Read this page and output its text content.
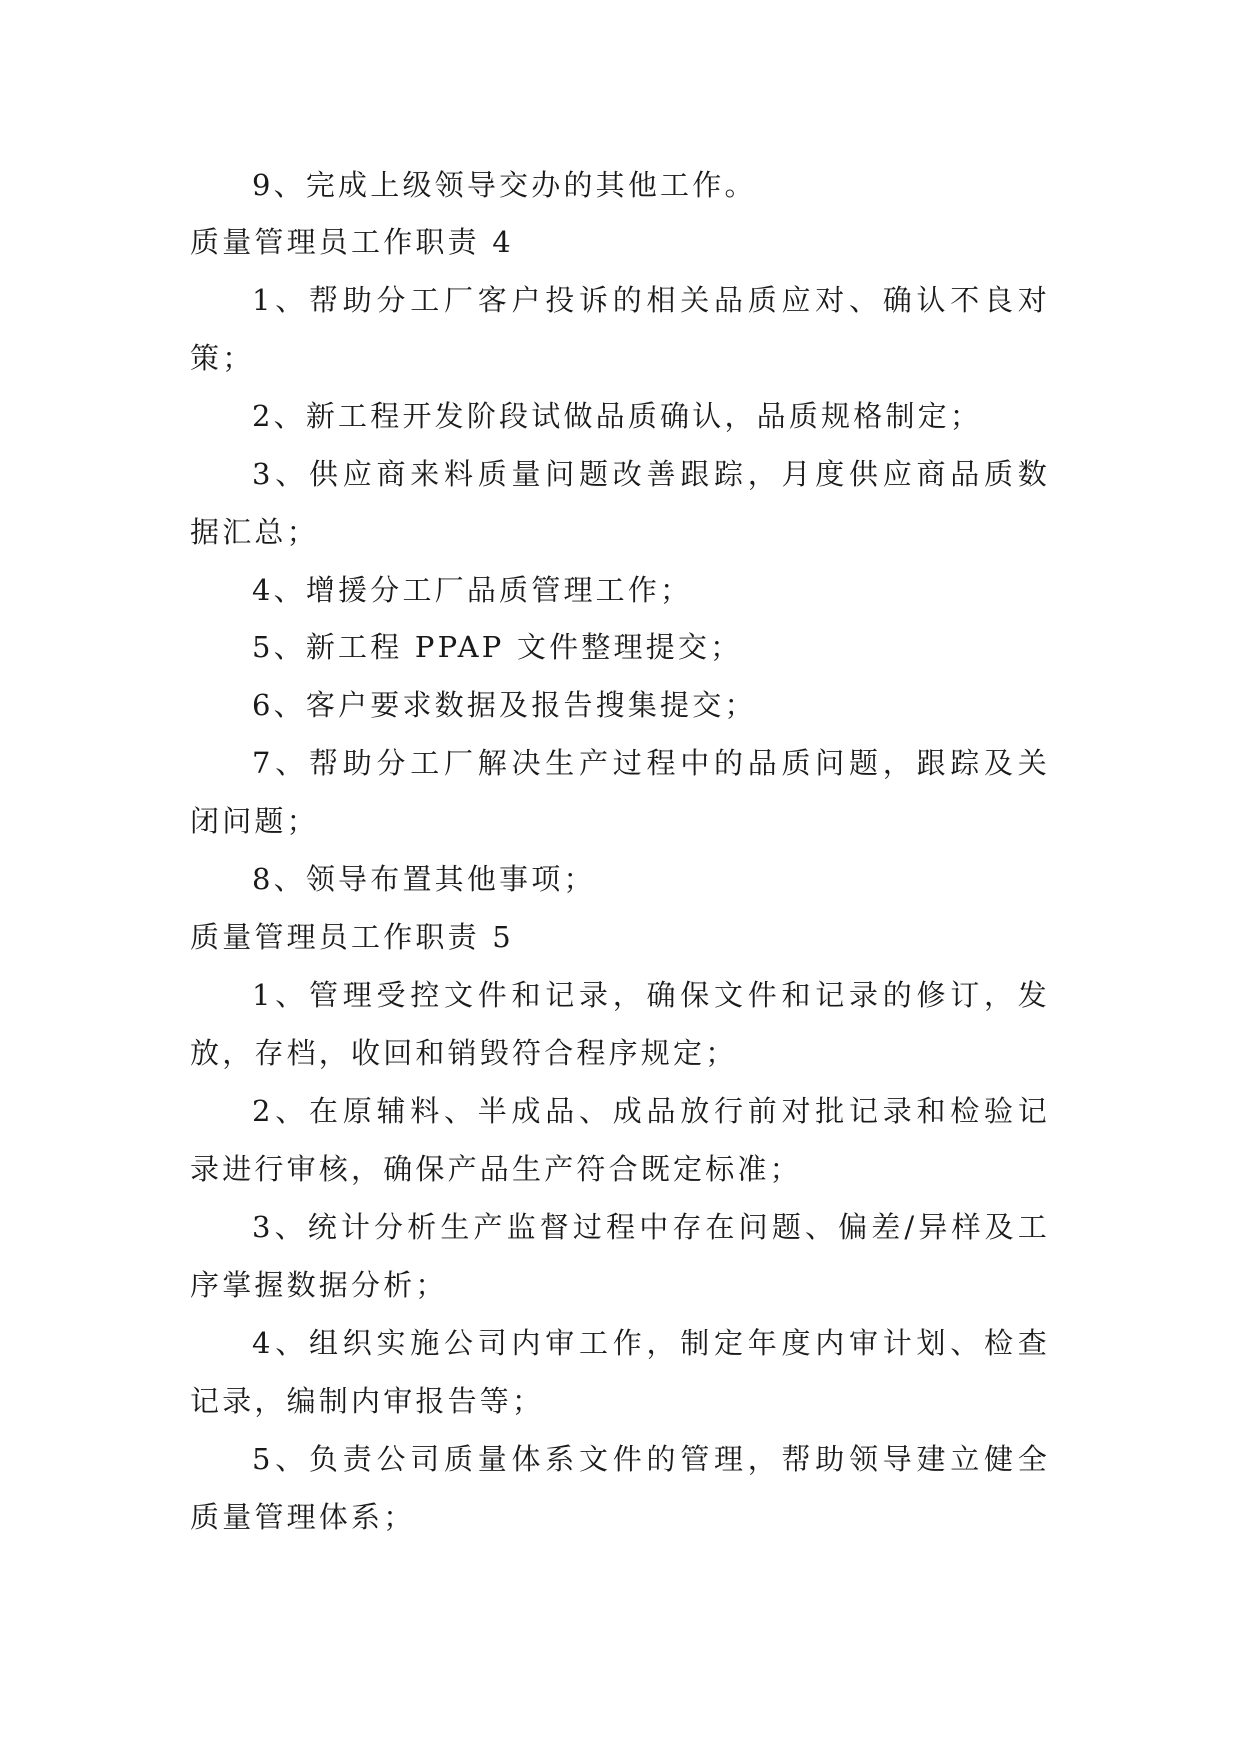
9、完成上级领导交办的其他工作。
质量管理员工作职责 4
1、帮助分工厂客户投诉的相关品质应对、确认不良对
策；
2、新工程开发阶段试做品质确认，品质规格制定；
3、供应商来料质量问题改善跟踪，月度供应商品质数
据汇总；
4、增援分工厂品质管理工作；
5、新工程 PPAP 文件整理提交；
6、客户要求数据及报告搜集提交；
7、帮助分工厂解决生产过程中的品质问题，跟踪及关
闭问题；
8、领导布置其他事项；
质量管理员工作职责 5
1、管理受控文件和记录，确保文件和记录的修订，发
放，存档，收回和销毁符合程序规定；
2、在原辅料、半成品、成品放行前对批记录和检验记
录进行审核，确保产品生产符合既定标准；
3、统计分析生产监督过程中存在问题、偏差/异样及工
序掌握数据分析；
4、组织实施公司内审工作，制定年度内审计划、检查
记录，编制内审报告等；
5、负责公司质量体系文件的管理，帮助领导建立健全
质量管理体系；
